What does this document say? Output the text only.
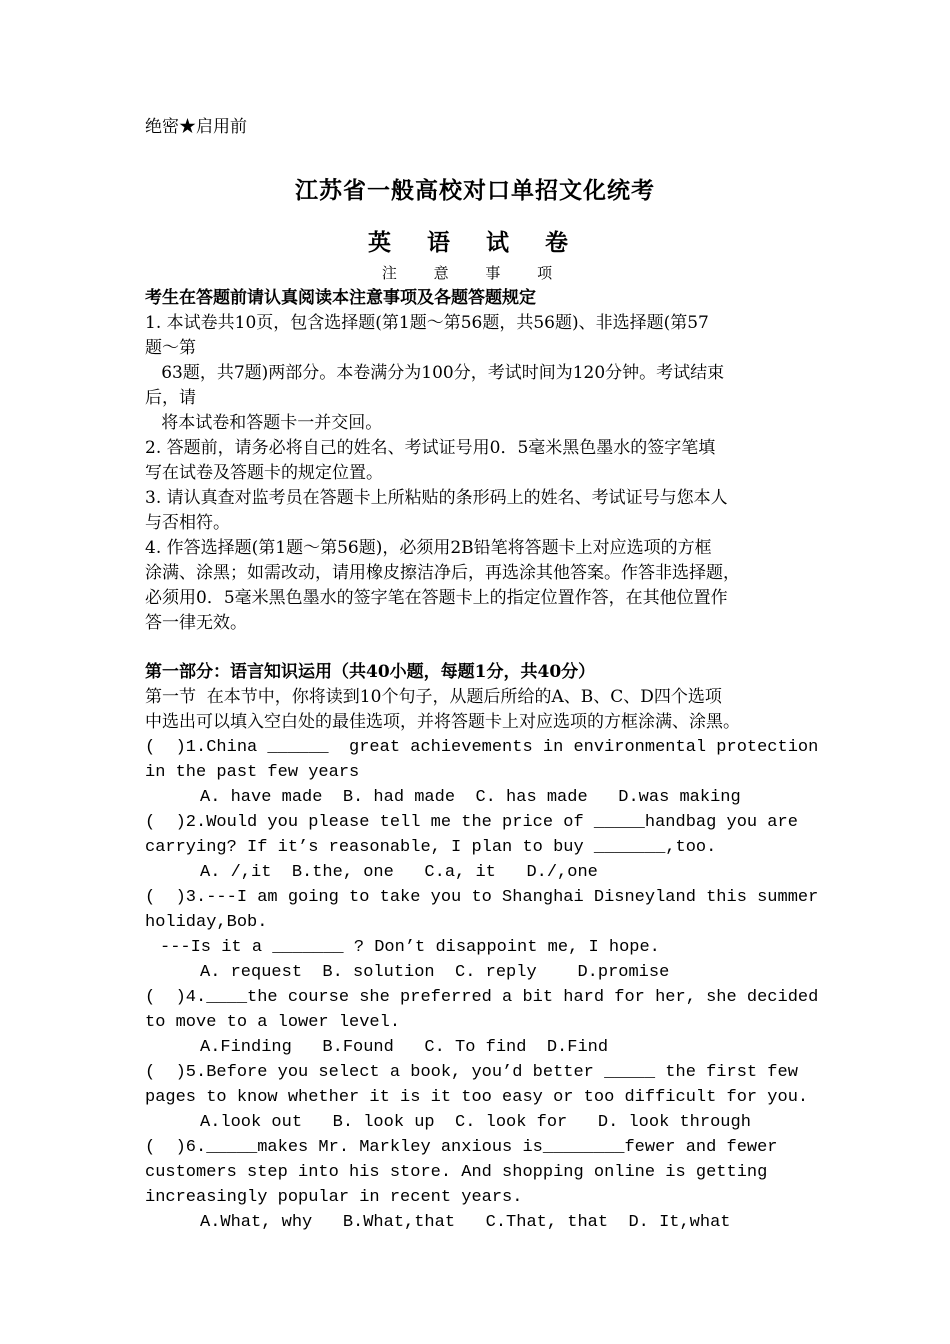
绝密★启用前
江苏省一般高校对口单招文化统考
英 语 试 卷
注 意 事 项
考生在答题前请认真阅读本注意事项及各题答题规定
1. 本试卷共10页，包含选择题(第1题～第56题，共56题)、非选择题(第57
题～第
63题，共7题)两部分。本卷满分为100分，考试时间为120分钟。考试结束
后，请
将本试卷和答题卡一并交回。
2. 答题前，请务必将自己的姓名、考试证号用0．5毫米黑色墨水的签字笔填
写在试卷及答题卡的规定位置。
3. 请认真查对监考员在答题卡上所粘贴的条形码上的姓名、考试证号与您本人
与否相符。
4. 作答选择题(第1题～第56题)，必须用2B铅笔将答题卡上对应选项的方框
涂满、涂黑；如需改动，请用橡皮擦洁净后，再选涂其他答案。作答非选择题，
必须用0．5毫米黑色墨水的签字笔在答题卡上的指定位置作答，在其他位置作
答一律无效。
第一部分：语言知识运用（共40小题，每题1分，共40分）
第一节  在本节中，你将读到10个句子，从题后所给的A、B、C、D四个选项
中选出可以填入空白处的最佳选项，并将答题卡上对应选项的方框涂满、涂黑。
(  )1.China ______  great achievements in environmental protection
in the past few years
A. have made  B. had made  C. has made   D.was making
(  )2.Would you please tell me the price of _____handbag you are
carrying? If it’s reasonable, I plan to buy _______,too.
A. /,it  B.the, one   C.a, it   D./,one
(  )3.---I am going to take you to Shanghai Disneyland this summer
holiday,Bob.
---Is it a _______ ? Don’t disappoint me, I hope.
A. request  B. solution  C. reply    D.promise
(  )4.____the course she preferred a bit hard for her, she decided
to move to a lower level.
A.Finding   B.Found   C. To find  D.Find
(  )5.Before you select a book, you’d better _____ the first few
pages to know whether it is it too easy or too difficult for you.
A.look out   B. look up  C. look for   D. look through
(  )6._____makes Mr. Markley anxious is________fewer and fewer
customers step into his store. And shopping online is getting
increasingly popular in recent years.
A.What, why   B.What,that   C.That, that  D. It,what
